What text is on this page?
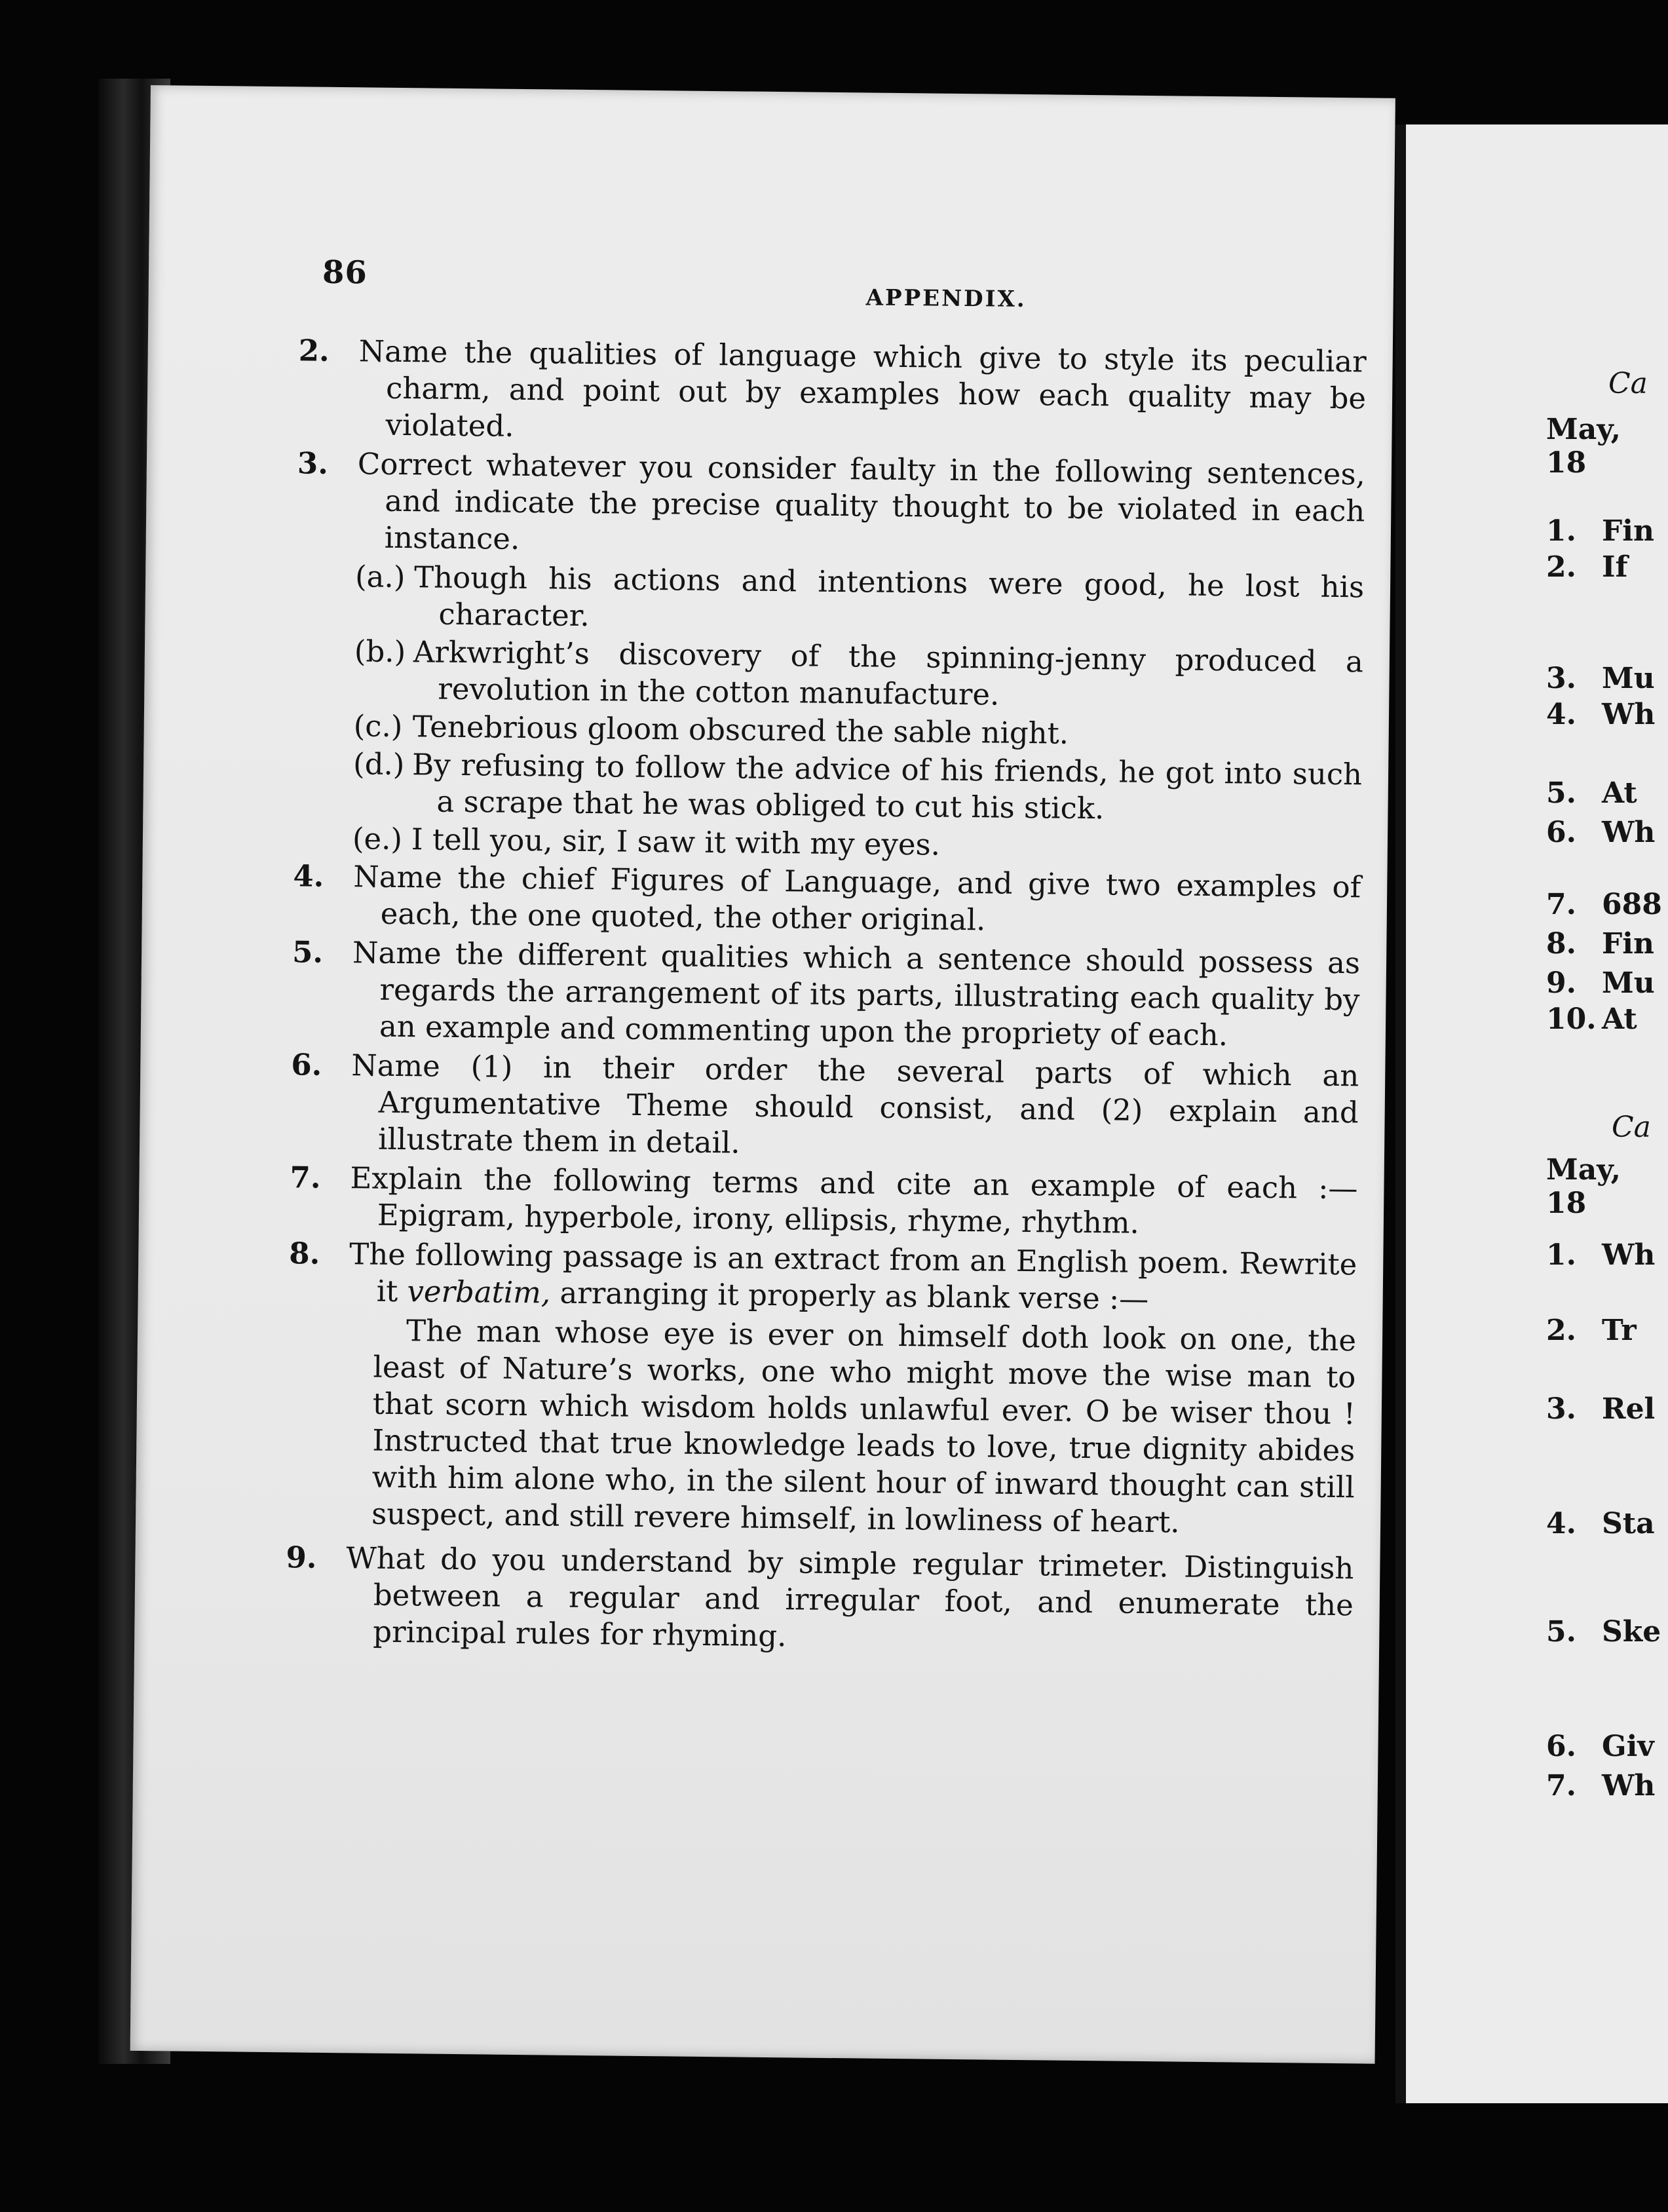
86
APPENDIX.
2. Name the qualities of language which give to style its peculiar charm, and point out by examples how each quality may be violated.
3. Correct whatever you consider faulty in the following sentences, and indicate the precise quality thought to be violated in each instance.
(a.) Though his actions and intentions were good, he lost his character.
(b.) Arkwright’s discovery of the spinning-jenny produced a revolution in the cotton manufacture.
(c.) Tenebrious gloom obscured the sable night.
(d.) By refusing to follow the advice of his friends, he got into such a scrape that he was obliged to cut his stick.
(e.) I tell you, sir, I saw it with my eyes.
4. Name the chief Figures of Language, and give two examples of each, the one quoted, the other original.
5. Name the different qualities which a sentence should possess as regards the arrangement of its parts, illustrating each quality by an example and commenting upon the propriety of each.
6. Name (1) in their order the several parts of which an Argumentative Theme should consist, and (2) explain and illustrate them in detail.
7. Explain the following terms and cite an example of each :— Epigram, hyperbole, irony, ellipsis, rhyme, rhythm.
8. The following passage is an extract from an English poem. Rewrite it verbatim, arranging it properly as blank verse :—
The man whose eye is ever on himself doth look on one, the least of Nature’s works, one who might move the wise man to that scorn which wisdom holds unlawful ever. O be wiser thou ! Instructed that true knowledge leads to love, true dignity abides with him alone who, in the silent hour of inward thought can still suspect, and still revere himself, in lowliness of heart.
9. What do you understand by simple regular trimeter. Distinguish between a regular and irregular foot, and enumerate the principal rules for rhyming.
Ca
May, 18
1. Fin
2. If
3. Mu
4. Wh
5. At
6. Wh
7. 688
8. Fin
9. Mu
10. At
Ca
May, 18
1. Wh
2. Tr
3. Rel
4. Sta
5. Ske
6. Giv
7. Wh
